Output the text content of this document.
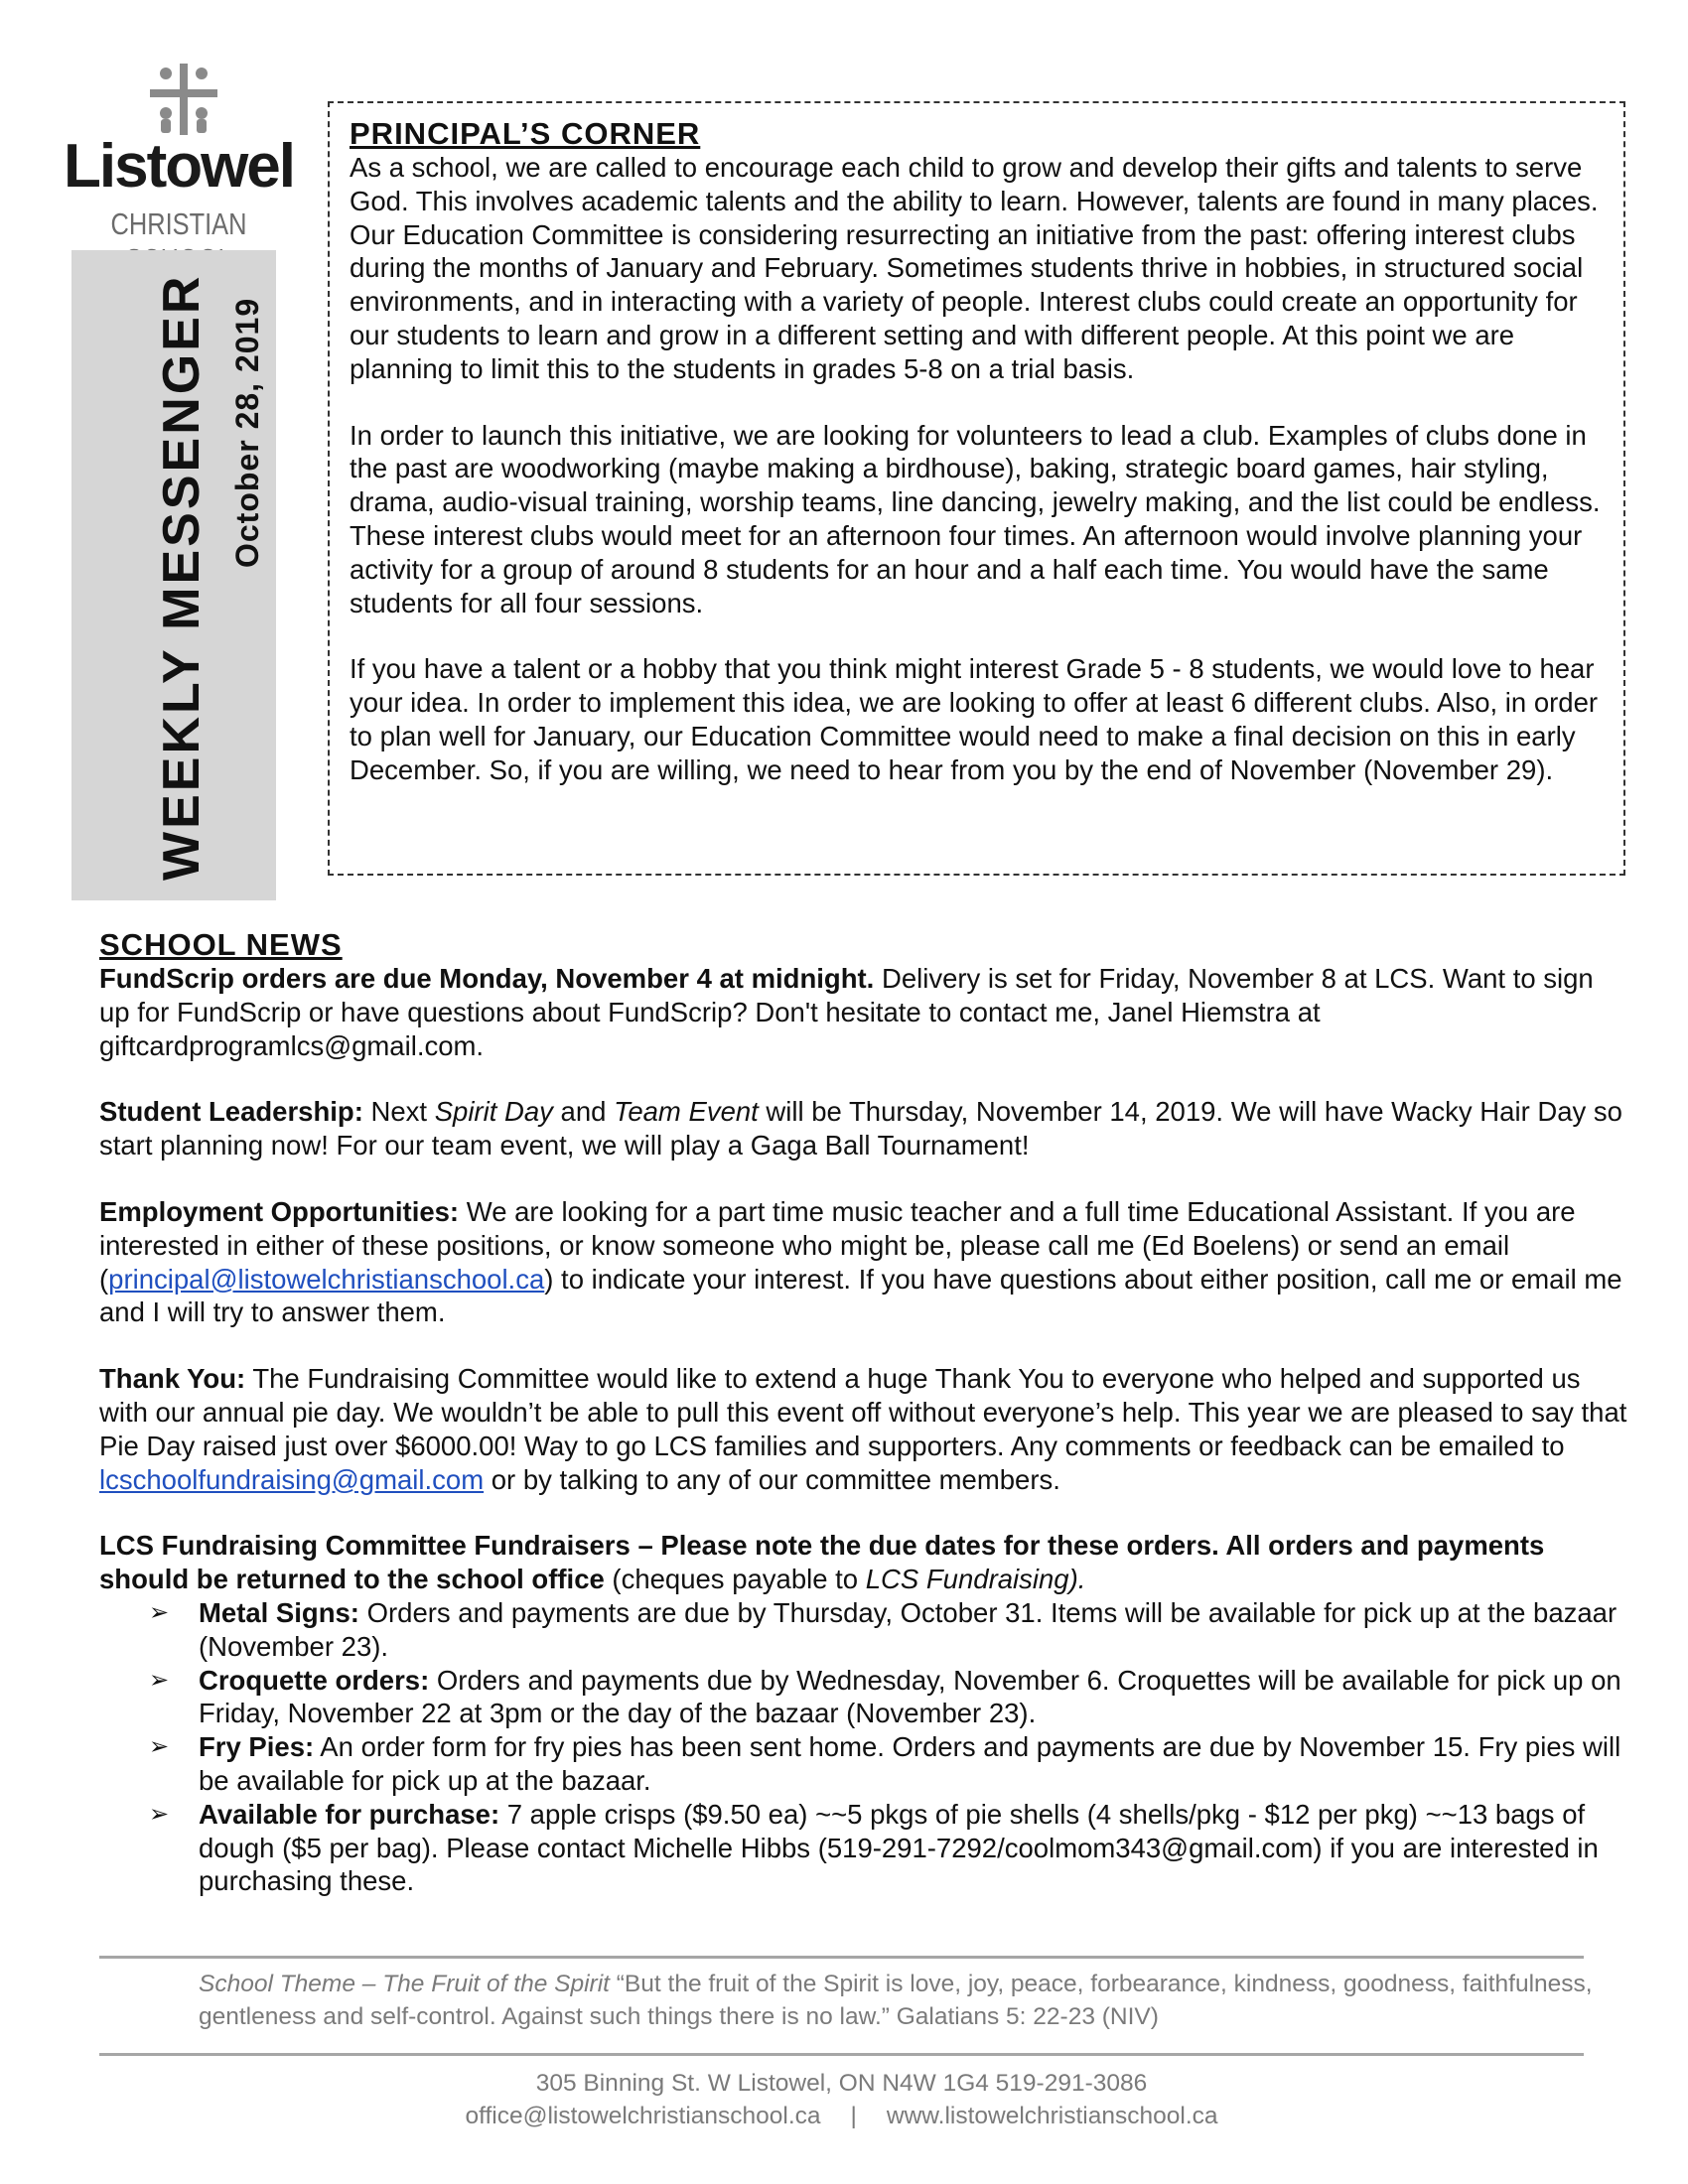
Listowel
CHRISTIAN
WEEKLY MESSENGER October 28, 2019
PRINCIPAL’S CORNER

As a school, we are called to encourage each child to grow and develop their gifts and talents to serve God. This involves academic talents and the ability to learn. However, talents are found in many places. Our Education Committee is considering resurrecting an initiative from the past: offering interest clubs during the months of January and February. Sometimes students thrive in hobbies, in structured social environments, and in interacting with a variety of people. Interest clubs could create an opportunity for our students to learn and grow in a different setting and with different people. At this point we are planning to limit this to the students in grades 5-8 on a trial basis.

In order to launch this initiative, we are looking for volunteers to lead a club. Examples of clubs done in the past are woodworking (maybe making a birdhouse), baking, strategic board games, hair styling, drama, audio-visual training, worship teams, line dancing, jewelry making, and the list could be endless. These interest clubs would meet for an afternoon four times. An afternoon would involve planning your activity for a group of around 8 students for an hour and a half each time. You would have the same students for all four sessions.

If you have a talent or a hobby that you think might interest Grade 5 - 8 students, we would love to hear your idea. In order to implement this idea, we are looking to offer at least 6 different clubs. Also, in order to plan well for January, our Education Committee would need to make a final decision on this in early December. So, if you are willing, we need to hear from you by the end of November (November 29).

SCHOOL NEWS

FundScrip orders are due Monday, November 4 at midnight. Delivery is set for Friday, November 8 at LCS. Want to sign up for FundScrip or have questions about FundScrip? Don't hesitate to contact me, Janel Hiemstra at giftcardprogramlcs@gmail.com.

Student Leadership: Next Spirit Day and Team Event will be Thursday, November 14, 2019. We will have Wacky Hair Day so start planning now! For our team event, we will play a Gaga Ball Tournament!

Employment Opportunities: We are looking for a part time music teacher and a full time Educational Assistant. If you are interested in either of these positions, or know someone who might be, please call me (Ed Boelens) or send an email (principal@listowelchristianschool.ca) to indicate your interest. If you have questions about either position, call me or email me and I will try to answer them.

Thank You: The Fundraising Committee would like to extend a huge Thank You to everyone who helped and supported us with our annual pie day. We wouldn’t be able to pull this event off without everyone’s help. This year we are pleased to say that Pie Day raised just over $6000.00! Way to go LCS families and supporters. Any comments or feedback can be emailed to lcschoolfundraising@gmail.com or by talking to any of our committee members.

LCS Fundraising Committee Fundraisers – Please note the due dates for these orders. All orders and payments should be returned to the school office (cheques payable to LCS Fundraising).

➢ Metal Signs: Orders and payments are due by Thursday, October 31. Items will be available for pick up at the bazaar (November 23).
➢ Croquette orders: Orders and payments due by Wednesday, November 6. Croquettes will be available for pick up on Friday, November 22 at 3pm or the day of the bazaar (November 23).
➢ Fry Pies: An order form for fry pies has been sent home. Orders and payments are due by November 15. Fry pies will be available for pick up at the bazaar.
➢ Available for purchase: 7 apple crisps ($9.50 ea) ~~5 pkgs of pie shells (4 shells/pkg - $12 per pkg) ~~13 bags of dough ($5 per bag). Please contact Michelle Hibbs (519-291-7292/coolmom343@gmail.com) if you are interested in purchasing these.
School Theme – The Fruit of the Spirit “But the fruit of the Spirit is love, joy, peace, forbearance, kindness, goodness, faithfulness, gentleness and self-control. Against such things there is no law.” Galatians 5: 22-23 (NIV)
305 Binning St. W Listowel, ON N4W 1G4 519-291-3086
office@listowelchristianschool.ca | www.listowelchristianschool.ca
